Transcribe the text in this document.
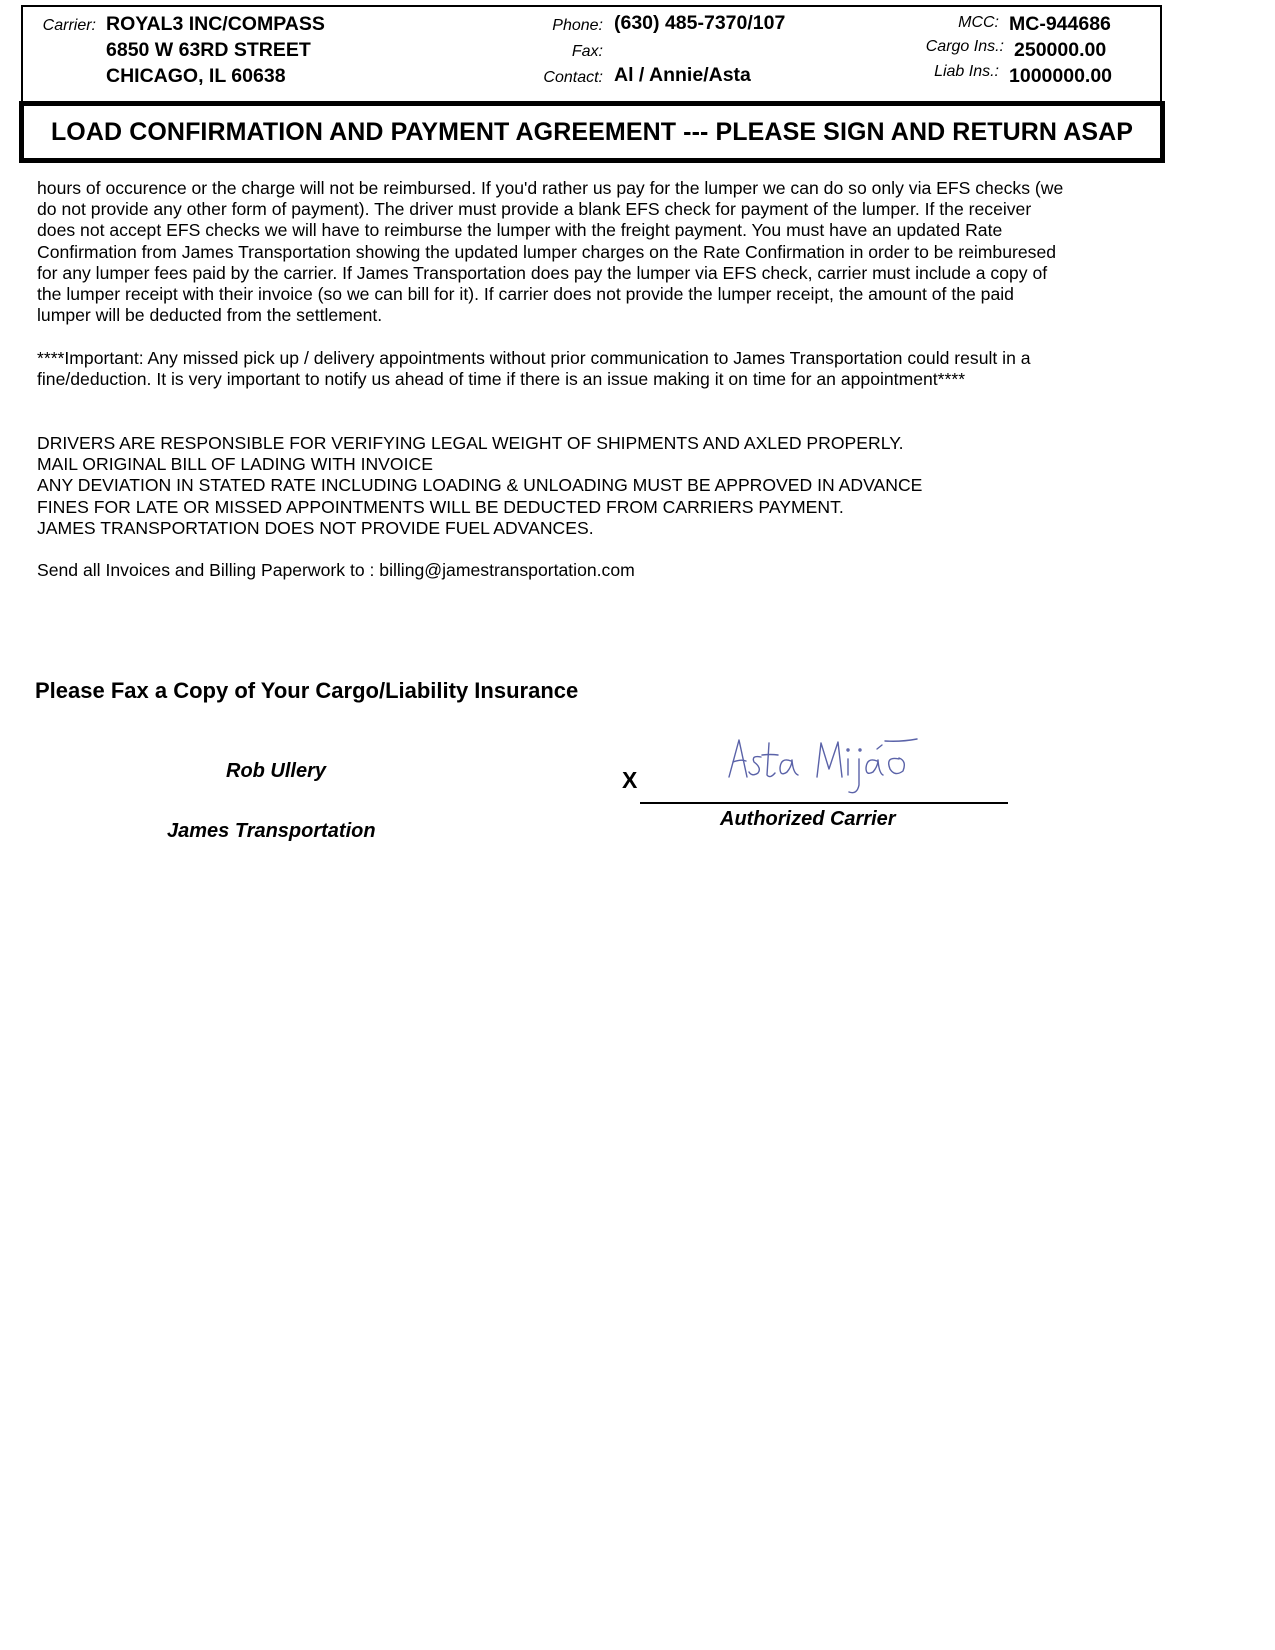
Carrier: ROYAL3 INC/COMPASS
6850 W 63RD STREET
CHICAGO, IL 60638
Phone: (630) 485-7370/107
Fax:
Contact: Al / Annie/Asta
MCC: MC-944686
Cargo Ins.: 250000.00
Liab Ins.: 1000000.00
LOAD CONFIRMATION AND PAYMENT AGREEMENT --- PLEASE SIGN AND RETURN ASAP

hours of occurence or the charge will not be reimbursed. If you'd rather us pay for the lumper we can do so only via EFS checks (we

do not provide any other form of payment). The driver must provide a blank EFS check for payment of the lumper. If the receiver

does not accept EFS checks we will have to reimburse the lumper with the freight payment. You must have an updated Rate

Confirmation from James Transportation showing the updated lumper charges on the Rate Confirmation in order to be reimburesed

for any lumper fees paid by the carrier. If James Transportation does pay the lumper via EFS check, carrier must include a copy of

the lumper receipt with their invoice (so we can bill for it). If carrier does not provide the lumper receipt, the amount of the paid

lumper will be deducted from the settlement.

****Important: Any missed pick up / delivery appointments without prior communication to James Transportation could result in a

fine/deduction. It is very important to notify us ahead of time if there is an issue making it on time for an appointment****

DRIVERS ARE RESPONSIBLE FOR VERIFYING LEGAL WEIGHT OF SHIPMENTS AND AXLED PROPERLY.

MAIL ORIGINAL BILL OF LADING WITH INVOICE

ANY DEVIATION IN STATED RATE INCLUDING LOADING & UNLOADING MUST BE APPROVED IN ADVANCE

FINES FOR LATE OR MISSED APPOINTMENTS WILL BE DEDUCTED FROM CARRIERS PAYMENT.

JAMES TRANSPORTATION DOES NOT PROVIDE FUEL ADVANCES.

Send all Invoices and Billing Paperwork to : billing@jamestransportation.com

Please Fax a Copy of Your Cargo/Liability Insurance
Rob Ullery
James Transportation
X
Authorized Carrier
